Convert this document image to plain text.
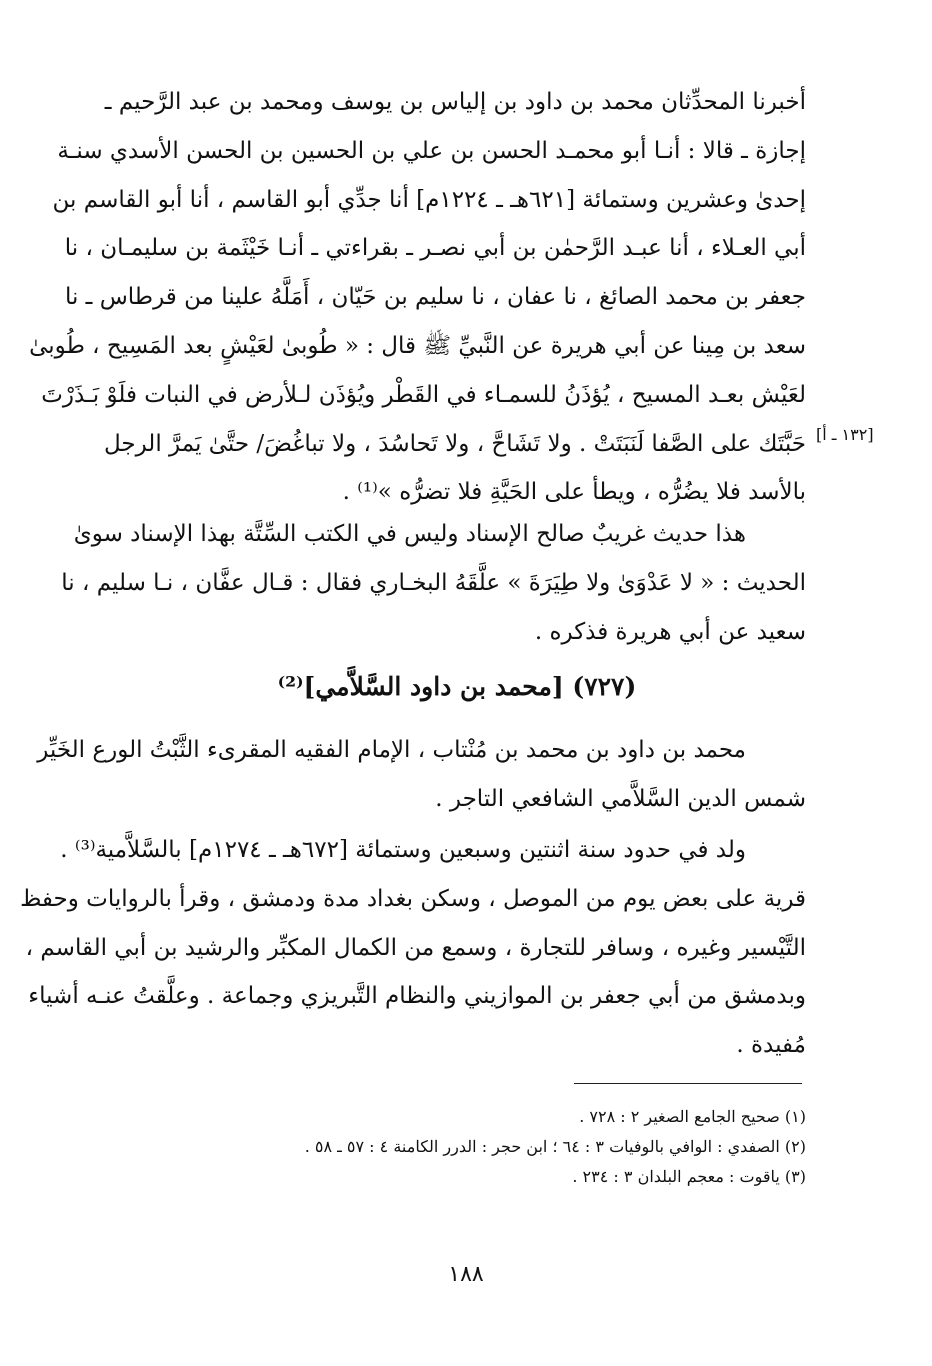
أخبرنا المحدِّثان محمد بن داود بن إلياس بن يوسف ومحمد بن عبد الرَّحيم ـ
إجازة ـ قالا : أنـا أبو محمـد الحسن بن علي بن الحسين بن الحسن الأسدي سنـة
إحدىٰ وعشرين وستمائة [٦٢١هـ ـ ١٢٢٤م] أنا جدِّي أبو القاسم ، أنا أبو القاسم بن
أبي العـلاء ، أنا عبـد الرَّحمٰن بن أبي نصـر ـ بقراءتي ـ أنـا خَيْثَمة بن سليمـان ، نا
جعفر بن محمد الصائغ ، نا عفان ، نا سليم بن حَيّان ، أَمَلَّهُ علينا من قرطاس ـ نا
سعد بن مِينا عن أبي هريرة عن النَّبيِّ ﷺ قال : « طُوبىٰ لعَيْشٍ بعد المَسِيح ، طُوبىٰ
لعَيْش بعـد المسيح ، يُؤذَنُ للسمـاء في القَطْر ويُؤذَن لـلأرض في النبات فلَوْ بَـذَرْتَ
حَبَّتَك على الصَّفا لَنَبَتَتْ . ولا تَشَاحَّ ، ولا تَحاسُدَ ، ولا تباغُضَ/ حتَّىٰ يَمرَّ الرجل
بالأسد فلا يضُرُّه ، ويطأ على الحَيَّةِ فلا تضرُّه »⁽¹⁾ .
[١٣٢ ـ أ]
هذا حديث غريبٌ صالح الإسناد وليس في الكتب السِّتَّة بهذا الإسناد سوىٰ
الحديث : « لا عَدْوَىٰ ولا طِيَرَةَ » علَّقَهُ البخـاري فقال : قـال عفَّان ، نـا سليم ، نا
سعيد عن أبي هريرة فذكره .
(٧٢٧) [محمد بن داود السَّلاَّمي]⁽²⁾
محمد بن داود بن محمد بن مُنْتاب ، الإمام الفقيه المقرىء الثَّبْتُ الورع الخَيِّر
شمس الدين السَّلاَّمي الشافعي التاجر .
ولد في حدود سنة اثنتين وسبعين وستمائة [٦٧٢هـ ـ ١٢٧٤م] بالسَّلاَّمية⁽³⁾ .
قرية على بعض يوم من الموصل ، وسكن بغداد مدة ودمشق ، وقرأ بالروايات وحفظ
التَّيْسير وغيره ، وسافر للتجارة ، وسمع من الكمال المكبِّر والرشيد بن أبي القاسم ،
وبدمشق من أبي جعفر بن الموازيني والنظام التَّبريزي وجماعة . وعلَّقتُ عنـه أشياء
مُفيدة .
(١) صحيح الجامع الصغير ٢ : ٧٢٨ .
(٢) الصفدي : الوافي بالوفيات ٣ : ٦٤ ؛ ابن حجر : الدرر الكامنة ٤ : ٥٧ ـ ٥٨ .
(٣) ياقوت : معجم البلدان ٣ : ٢٣٤ .
١٨٨
